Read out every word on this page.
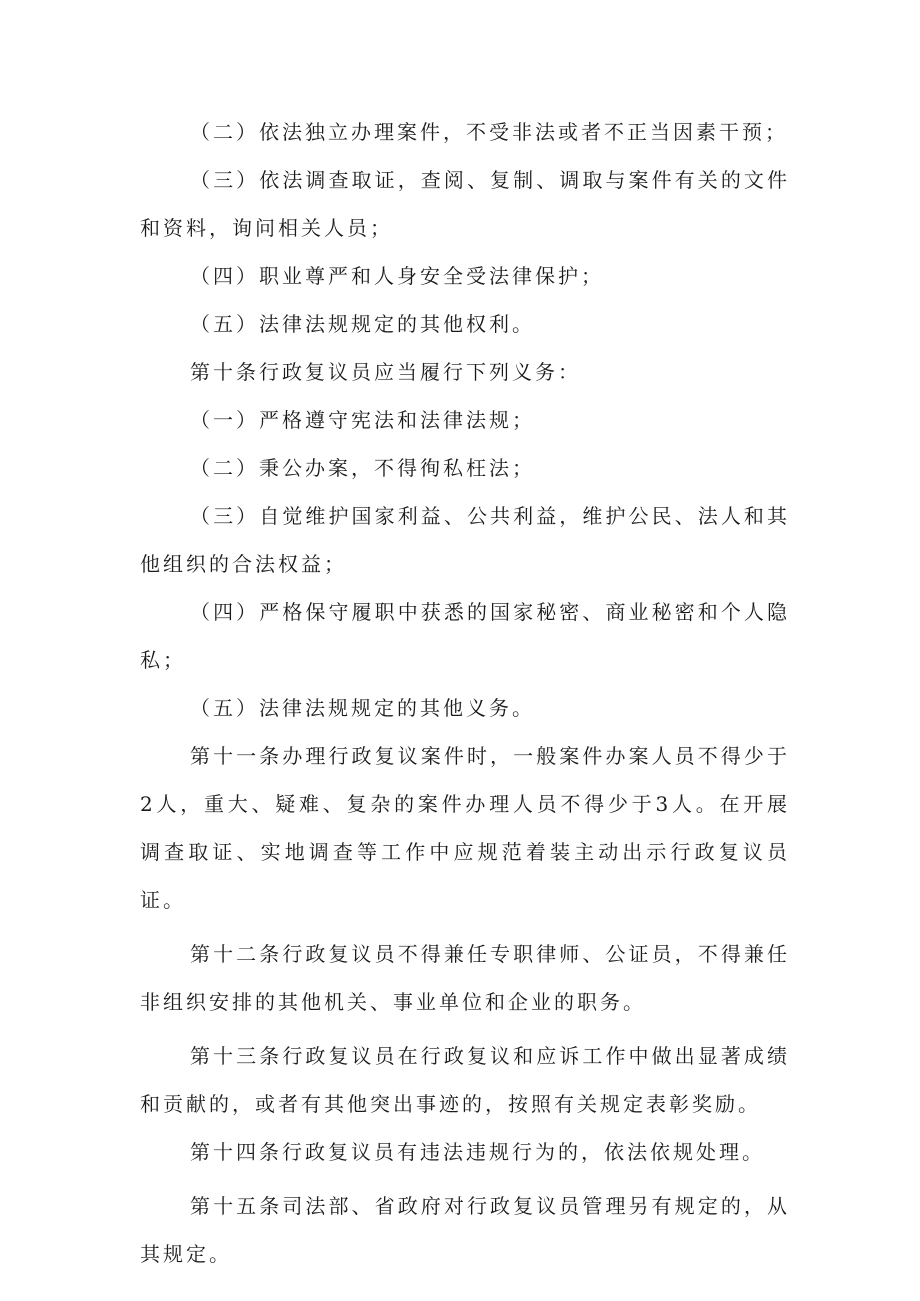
（二）依法独立办理案件，不受非法或者不正当因素干预；

（三）依法调查取证，查阅、复制、调取与案件有关的文件和资料，询问相关人员；

（四）职业尊严和人身安全受法律保护；

（五）法律法规规定的其他权利。

第十条行政复议员应当履行下列义务：

（一）严格遵守宪法和法律法规；

（二）秉公办案，不得徇私枉法；

（三）自觉维护国家利益、公共利益，维护公民、法人和其他组织的合法权益；

（四）严格保守履职中获悉的国家秘密、商业秘密和个人隐私；

（五）法律法规规定的其他义务。

第十一条办理行政复议案件时，一般案件办案人员不得少于2人，重大、疑难、复杂的案件办理人员不得少于3人。在开展调查取证、实地调查等工作中应规范着装主动出示行政复议员证。

第十二条行政复议员不得兼任专职律师、公证员，不得兼任非组织安排的其他机关、事业单位和企业的职务。

第十三条行政复议员在行政复议和应诉工作中做出显著成绩和贡献的，或者有其他突出事迹的，按照有关规定表彰奖励。

第十四条行政复议员有违法违规行为的，依法依规处理。

第十五条司法部、省政府对行政复议员管理另有规定的，从其规定。
